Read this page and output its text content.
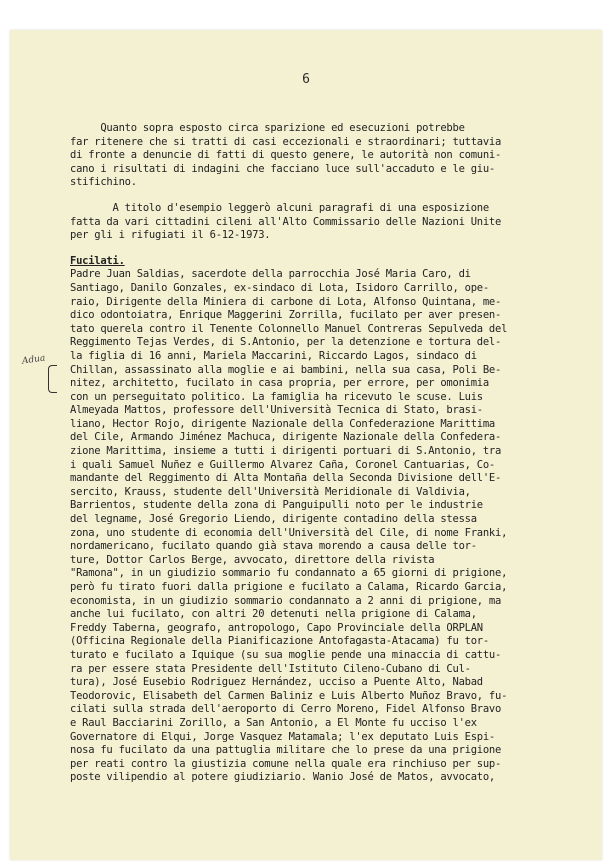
6
Adua
Quanto sopra esposto circa sparizione ed esecuzioni potrebbe
far ritenere che si tratti di casi eccezionali e straordinari; tuttavia
di fronte a denuncie di fatti di questo genere, le autorità non comuni-
cano i risultati di indagini che facciano luce sull'accaduto e le giu-
stifichino.
A titolo d'esempio leggerò alcuni paragrafi di una esposizione
fatta da vari cittadini cileni all'Alto Commissario delle Nazioni Unite
per gli i rifugiati il 6-12-1973.
Fucilati.
Padre Juan Saldias, sacerdote della parrocchia José Maria Caro, di
Santiago, Danilo Gonzales, ex-sindaco di Lota, Isidoro Carrillo, ope-
raio, Dirigente della Miniera di carbone di Lota, Alfonso Quintana, me-
dico odontoiatra, Enrique Maggerini Zorrilla, fucilato per aver presen-
tato querela contro il Tenente Colonnello Manuel Contreras Sepulveda del
Reggimento Tejas Verdes, di S.Antonio, per la detenzione e tortura del-
la figlia di 16 anni, Mariela Maccarini, Riccardo Lagos, sindaco di
Chillan, assassinato alla moglie e ai bambini, nella sua casa, Poli Be-
nitez, architetto, fucilato in casa propria, per errore, per omonimia
con un perseguitato politico. La famiglia ha ricevuto le scuse. Luis
Almeyada Mattos, professore dell'Università Tecnica di Stato, brasi-
liano, Hector Rojo, dirigente Nazionale della Confederazione Marittima
del Cile, Armando Jiménez Machuca, dirigente Nazionale della Confedera-
zione Marittima, insieme a tutti i dirigenti portuari di S.Antonio, tra
i quali Samuel Nuñez e Guillermo Alvarez Caña, Coronel Cantuarias, Co-
mandante del Reggimento di Alta Montaña della Seconda Divisione dell'E-
sercito, Krauss, studente dell'Università Meridionale di Valdivia,
Barrientos, studente della zona di Panguipulli noto per le industrie
del legname, José Gregorio Liendo, dirigente contadino della stessa
zona, uno studente di economia dell'Università del Cile, di nome Franki,
nordamericano, fucilato quando già stava morendo a causa delle tor-
ture, Dottor Carlos Berge, avvocato, direttore della rivista
"Ramona", in un giudizio sommario fu condannato a 65 giorni di prigione,
però fu tirato fuori dalla prigione e fucilato a Calama, Ricardo Garcia,
economista, in un giudizio sommario condannato a 2 anni di prigione, ma
anche lui fucilato, con altri 20 detenuti nella prigione di Calama,
Freddy Taberna, geografo, antropologo, Capo Provinciale della ORPLAN
(Officina Regionale della Pianificazione Antofagasta-Atacama) fu tor-
turato e fucilato a Iquique (su sua moglie pende una minaccia di cattu-
ra per essere stata Presidente dell'Istituto Cileno-Cubano di Cul-
tura), José Eusebio Rodriguez Hernández, ucciso a Puente Alto, Nabad
Teodorovic, Elisabeth del Carmen Baliniz e Luis Alberto Muñoz Bravo, fu-
cilati sulla strada dell'aeroporto di Cerro Moreno, Fidel Alfonso Bravo
e Raul Bacciarini Zorillo, a San Antonio, a El Monte fu ucciso l'ex
Governatore di Elqui, Jorge Vasquez Matamala; l'ex deputato Luis Espi-
nosa fu fucilato da una pattuglia militare che lo prese da una prigione
per reati contro la giustizia comune nella quale era rinchiuso per sup-
poste vilipendio al potere giudiziario. Wanio José de Matos, avvocato,
